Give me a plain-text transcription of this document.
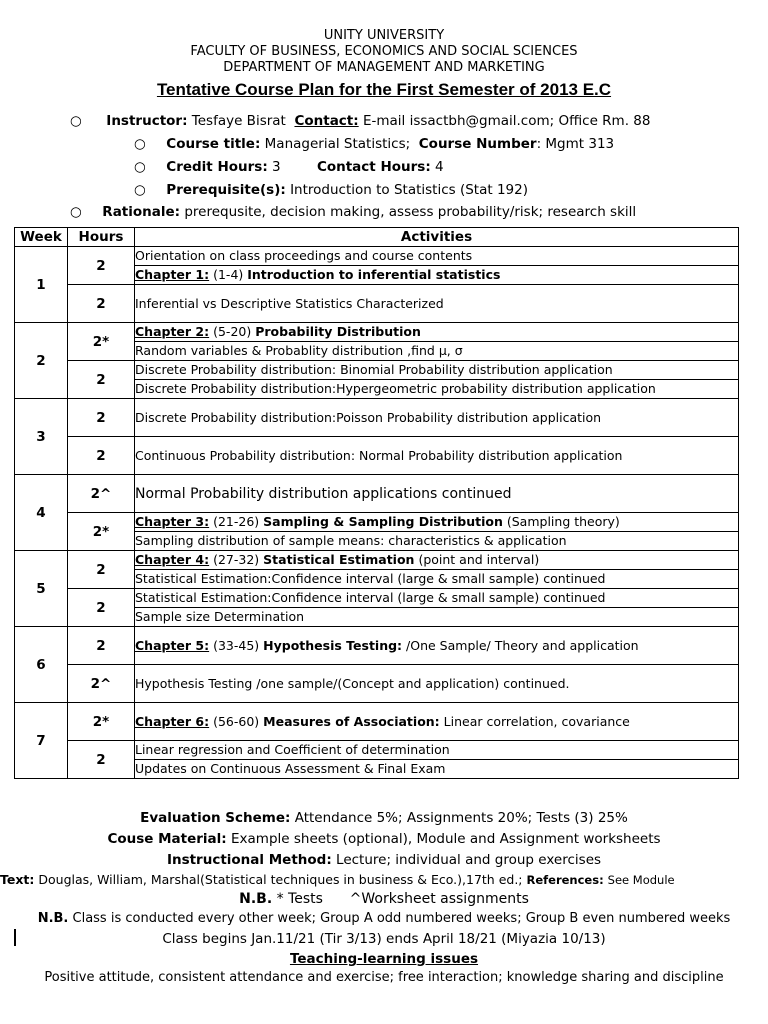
UNITY UNIVERSITY
FACULTY OF BUSINESS, ECONOMICS AND SOCIAL SCIENCES
DEPARTMENT OF MANAGEMENT AND MARKETING
Tentative Course Plan for the First Semester of 2013 E.C
○ Instructor: Tesfaye Bisrat Contact: E-mail issactbh@gmail.com; Office Rm. 88
○ Course title: Managerial Statistics; Course Number: Mgmt 313
○ Credit Hours: 3	Contact Hours: 4
○ Prerequisite(s): Introduction to Statistics (Stat 192)
○ Rationale: prerequsite, decision making, assess probability/risk; research skill
Week	Hours	Activities
1	2	Orientation on class proceedings and course contents
Chapter 1: (1-4) Introduction to inferential statistics

	2	Inferential vs Descriptive Statistics Characterized

2	2*	Chapter 2: (5-20) Probability Distribution
Random variables & Probablity distribution ,find μ, σ

	2	Discrete Probability distribution: Binomial Probability distribution application
Discrete Probability distribution:Hypergeometric probability distribution application

3	2	Discrete Probability distribution:Poisson Probability distribution application

	2	Continuous Probability distribution: Normal Probability distribution application

4	2^	Normal Probability distribution applications continued

	2*	Chapter 3: (21-26) Sampling & Sampling Distribution (Sampling theory)
Sampling distribution of sample means: characteristics & application

5	2	Chapter 4: (27-32) Statistical Estimation (point and interval)
Statistical Estimation:Confidence interval (large & small sample) continued

	2	Statistical Estimation:Confidence interval (large & small sample) continued
Sample size Determination

6	2	Chapter 5: (33-45) Hypothesis Testing: /One Sample/ Theory and application

	2^	Hypothesis Testing /one sample/(Concept and application) continued.

7	2*	Chapter 6: (56-60) Measures of Association: Linear correlation, covariance

	2	Linear regression and Coefficient of determination
Updates on Continuous Assessment & Final Exam
Evaluation Scheme: Attendance 5%; Assignments 20%; Tests (3) 25%
Couse Material: Example sheets (optional), Module and Assignment worksheets
Instructional Method: Lecture; individual and group exercises
Text: Douglas, William, Marshal(Statistical techniques in business & Eco.),17th ed.; References: See Module
N.B. * Tests      ^Worksheet assignments
N.B. Class is conducted every other week; Group A odd numbered weeks; Group B even numbered weeks
Class begins Jan.11/21 (Tir 3/13) ends April 18/21 (Miyazia 10/13)
Teaching-learning issues
Positive attitude, consistent attendance and exercise; free interaction; knowledge sharing and discipline
